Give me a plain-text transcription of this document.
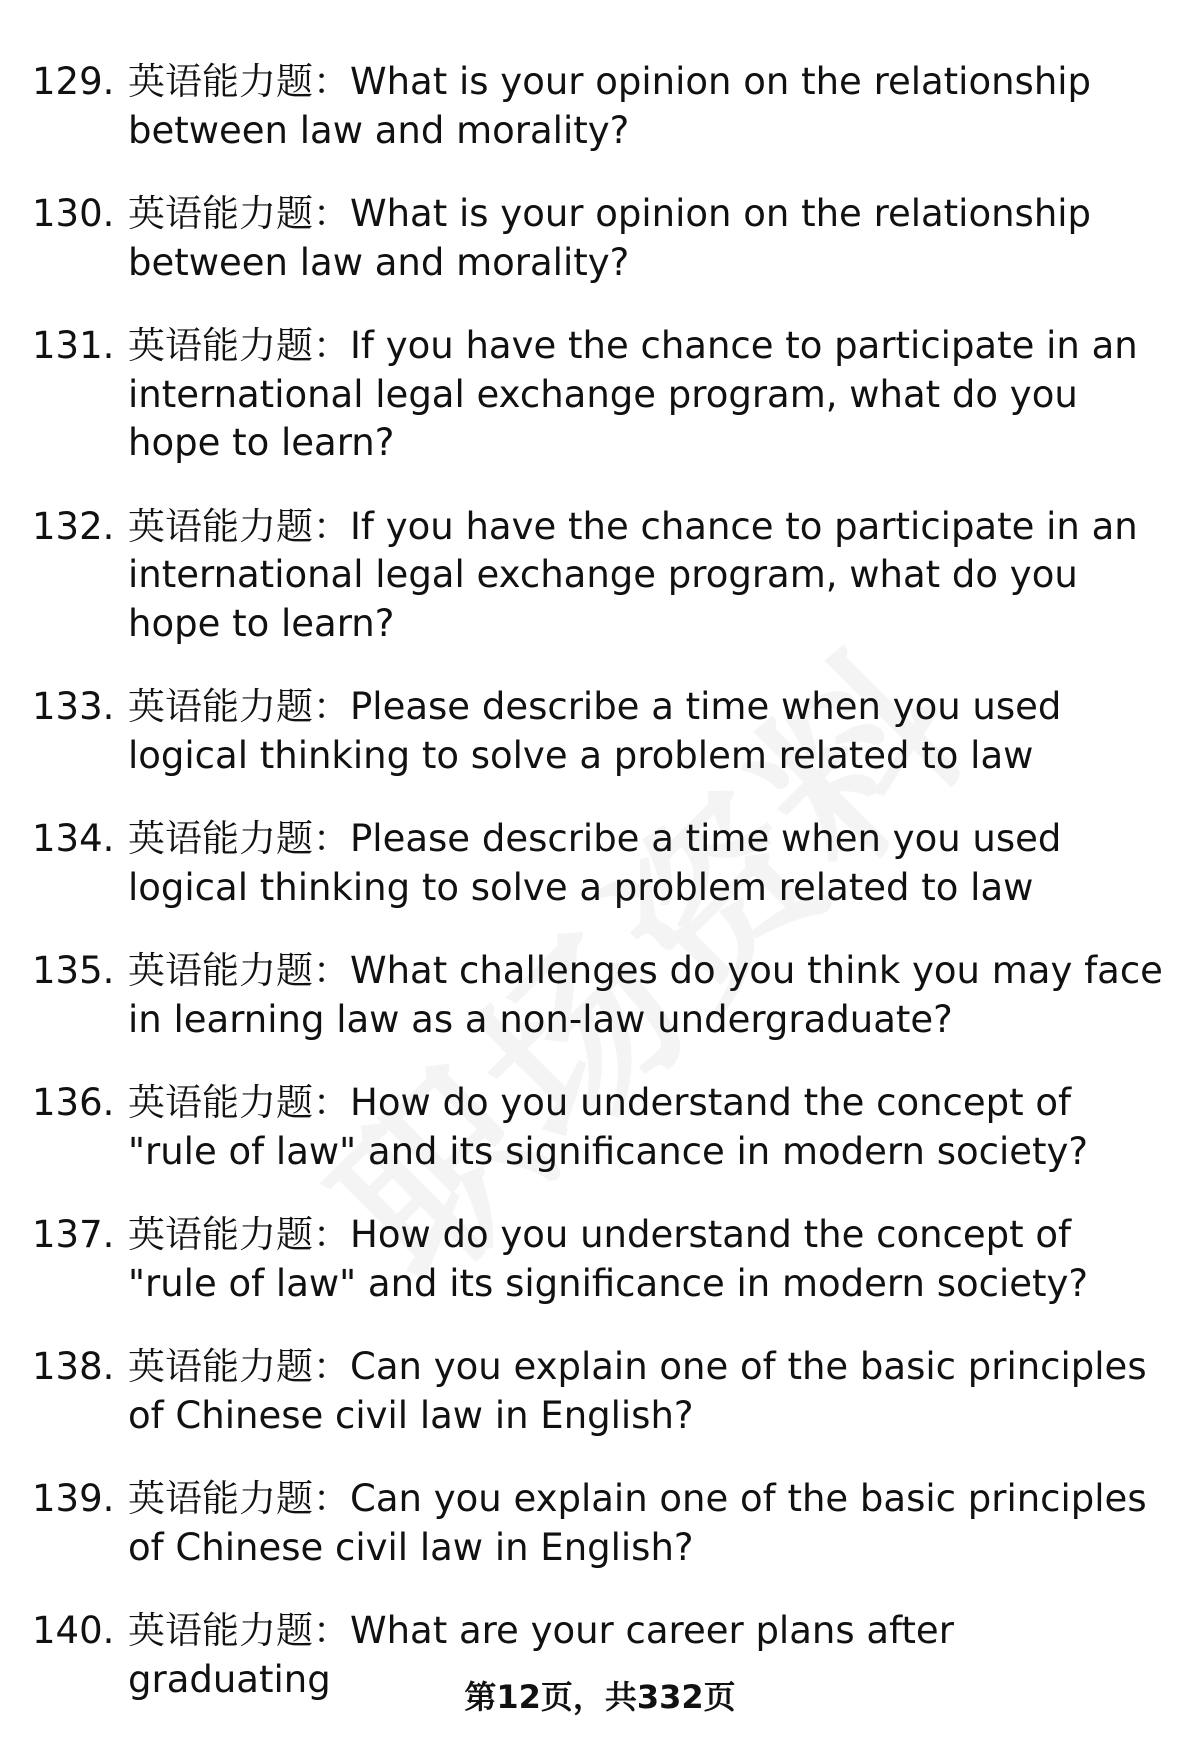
129. 英语能力题：What is your opinion on the relationship between law and morality?
130. 英语能力题：What is your opinion on the relationship between law and morality?
131. 英语能力题：If you have the chance to participate in an international legal exchange program, what do you hope to learn?
132. 英语能力题：If you have the chance to participate in an international legal exchange program, what do you hope to learn?
133. 英语能力题：Please describe a time when you used logical thinking to solve a problem related to law
134. 英语能力题：Please describe a time when you used logical thinking to solve a problem related to law
135. 英语能力题：What challenges do you think you may face in learning law as a non-law undergraduate?
136. 英语能力题：How do you understand the concept of "rule of law" and its significance in modern society?
137. 英语能力题：How do you understand the concept of "rule of law" and its significance in modern society?
138. 英语能力题：Can you explain one of the basic principles of Chinese civil law in English?
139. 英语能力题：Can you explain one of the basic principles of Chinese civil law in English?
140. 英语能力题：What are your career plans after graduating	第12页，共332页
